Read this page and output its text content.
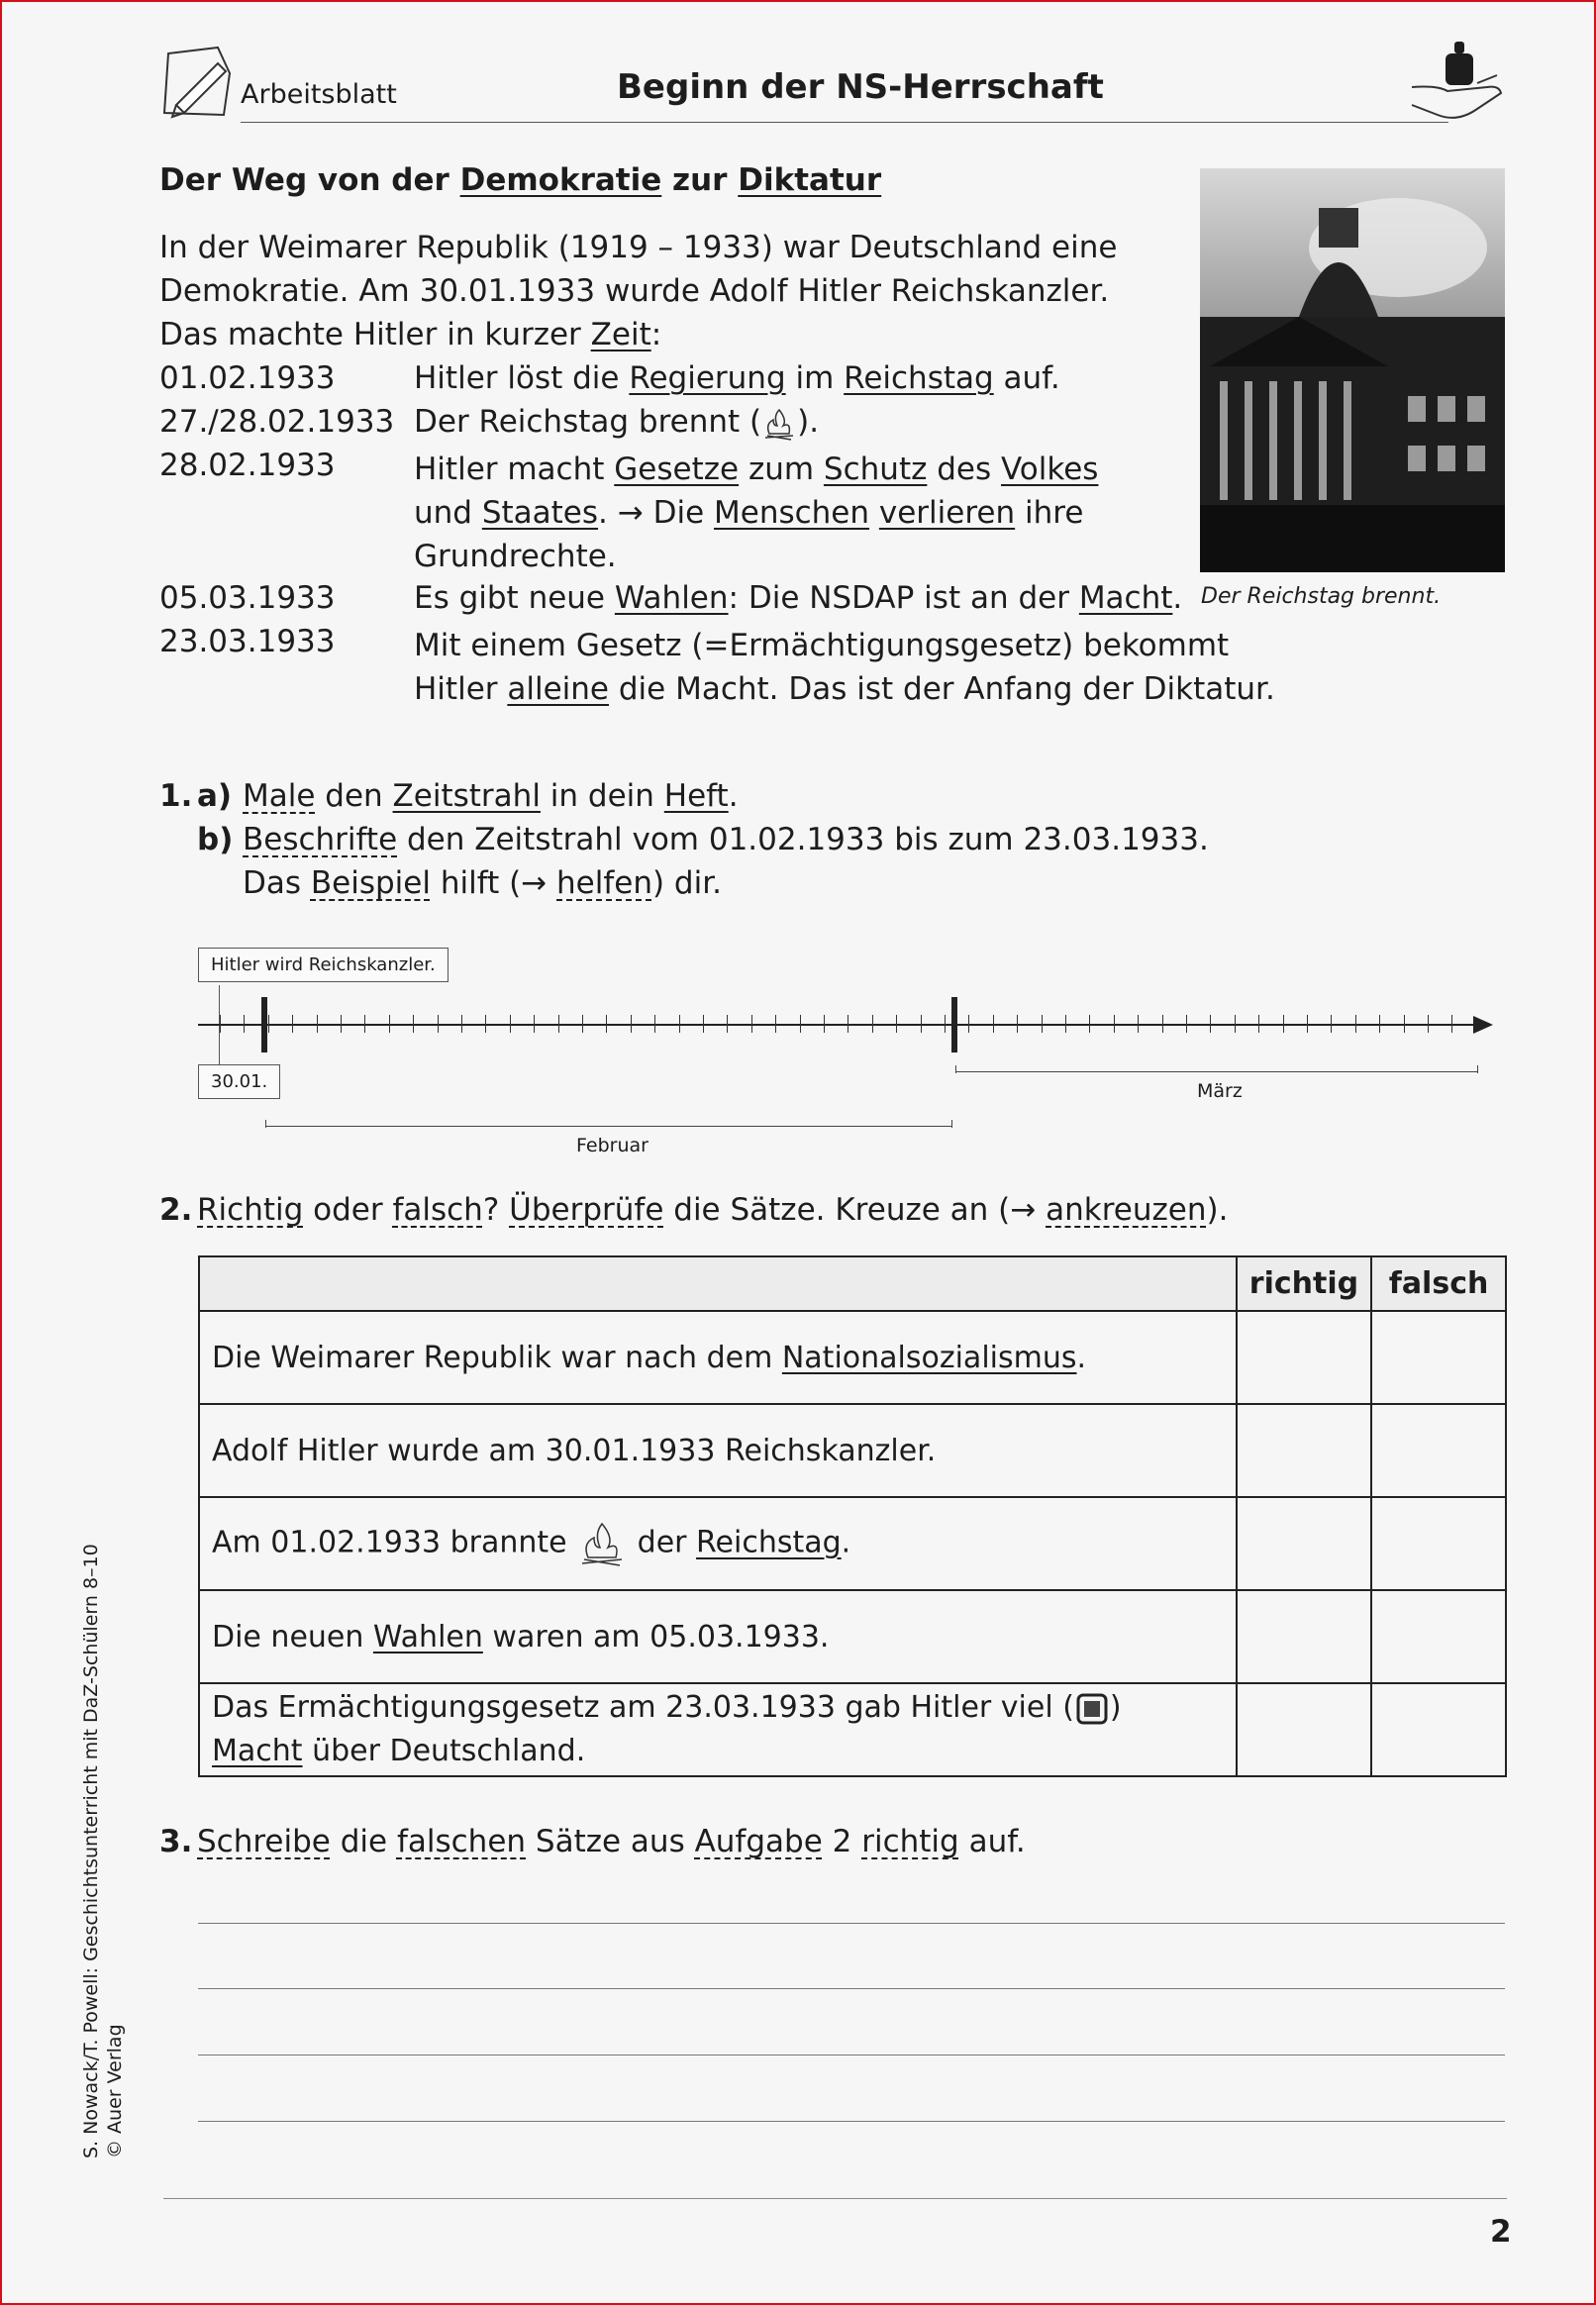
Arbeitsblatt	Beginn der NS-Herrschaft
Der Weg von der Demokratie zur Diktatur
In der Weimarer Republik (1919 – 1933) war Deutschland eine
Demokratie. Am 30.01.1933 wurde Adolf Hitler Reichskanzler.
Das machte Hitler in kurzer Zeit:
01.02.1933	Hitler löst die Regierung im Reichstag auf.
27./28.02.1933 Der Reichstag brennt ( ).
28.02.1933	Hitler macht Gesetze zum Schutz des Volkes
und Staates. → Die Menschen verlieren ihre
Grundrechte.
05.03.1933	Es gibt neue Wahlen: Die NSDAP ist an der Macht.
23.03.1933	Mit einem Gesetz (=Ermächtigungsgesetz) bekommt
Hitler alleine die Macht. Das ist der Anfang der Diktatur.
Der Reichstag brennt.
1. a) Male den Zeitstrahl in dein Heft.
b) Beschrifte den Zeitstrahl vom 01.02.1933 bis zum 23.03.1933.
Das Beispiel hilft (→ helfen) dir.
Hitler wird Reichskanzler.
30.01.
Februar
März
2. Richtig oder falsch? Überprüfe die Sätze. Kreuze an (→ ankreuzen).
	richtig	falsch
Die Weimarer Republik war nach dem Nationalsozialismus.		
Adolf Hitler wurde am 30.01.1933 Reichskanzler.		
Am 01.02.1933 brannte  der Reichstag.		
Die neuen Wahlen waren am 05.03.1933.		
Das Ermächtigungsgesetz am 23.03.1933 gab Hitler viel ( )
Macht über Deutschland.		
3. Schreibe die falschen Sätze aus Aufgabe 2 richtig auf.
S. Nowack/T. Powell: Geschichtsunterricht mit DaZ-Schülern 8–10 © Auer Verlag
2
